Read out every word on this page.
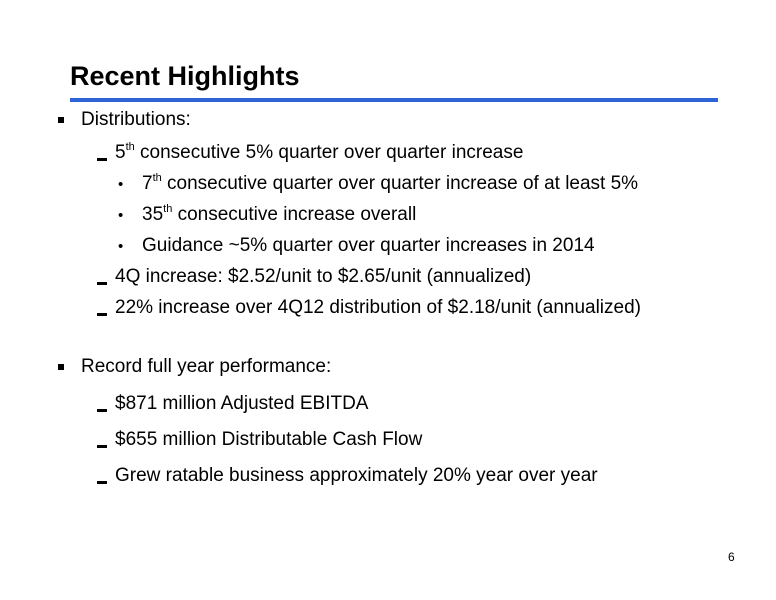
Recent Highlights
Distributions:
5th consecutive 5% quarter over quarter increase
• 7th consecutive quarter over quarter increase of at least 5%
• 35th consecutive increase overall
• Guidance ~5% quarter over quarter increases in 2014
4Q increase: $2.52/unit to $2.65/unit (annualized)
22% increase over 4Q12 distribution of $2.18/unit (annualized)
Record full year performance:
$871 million Adjusted EBITDA
$655 million Distributable Cash Flow
Grew ratable business approximately 20% year over year
6
